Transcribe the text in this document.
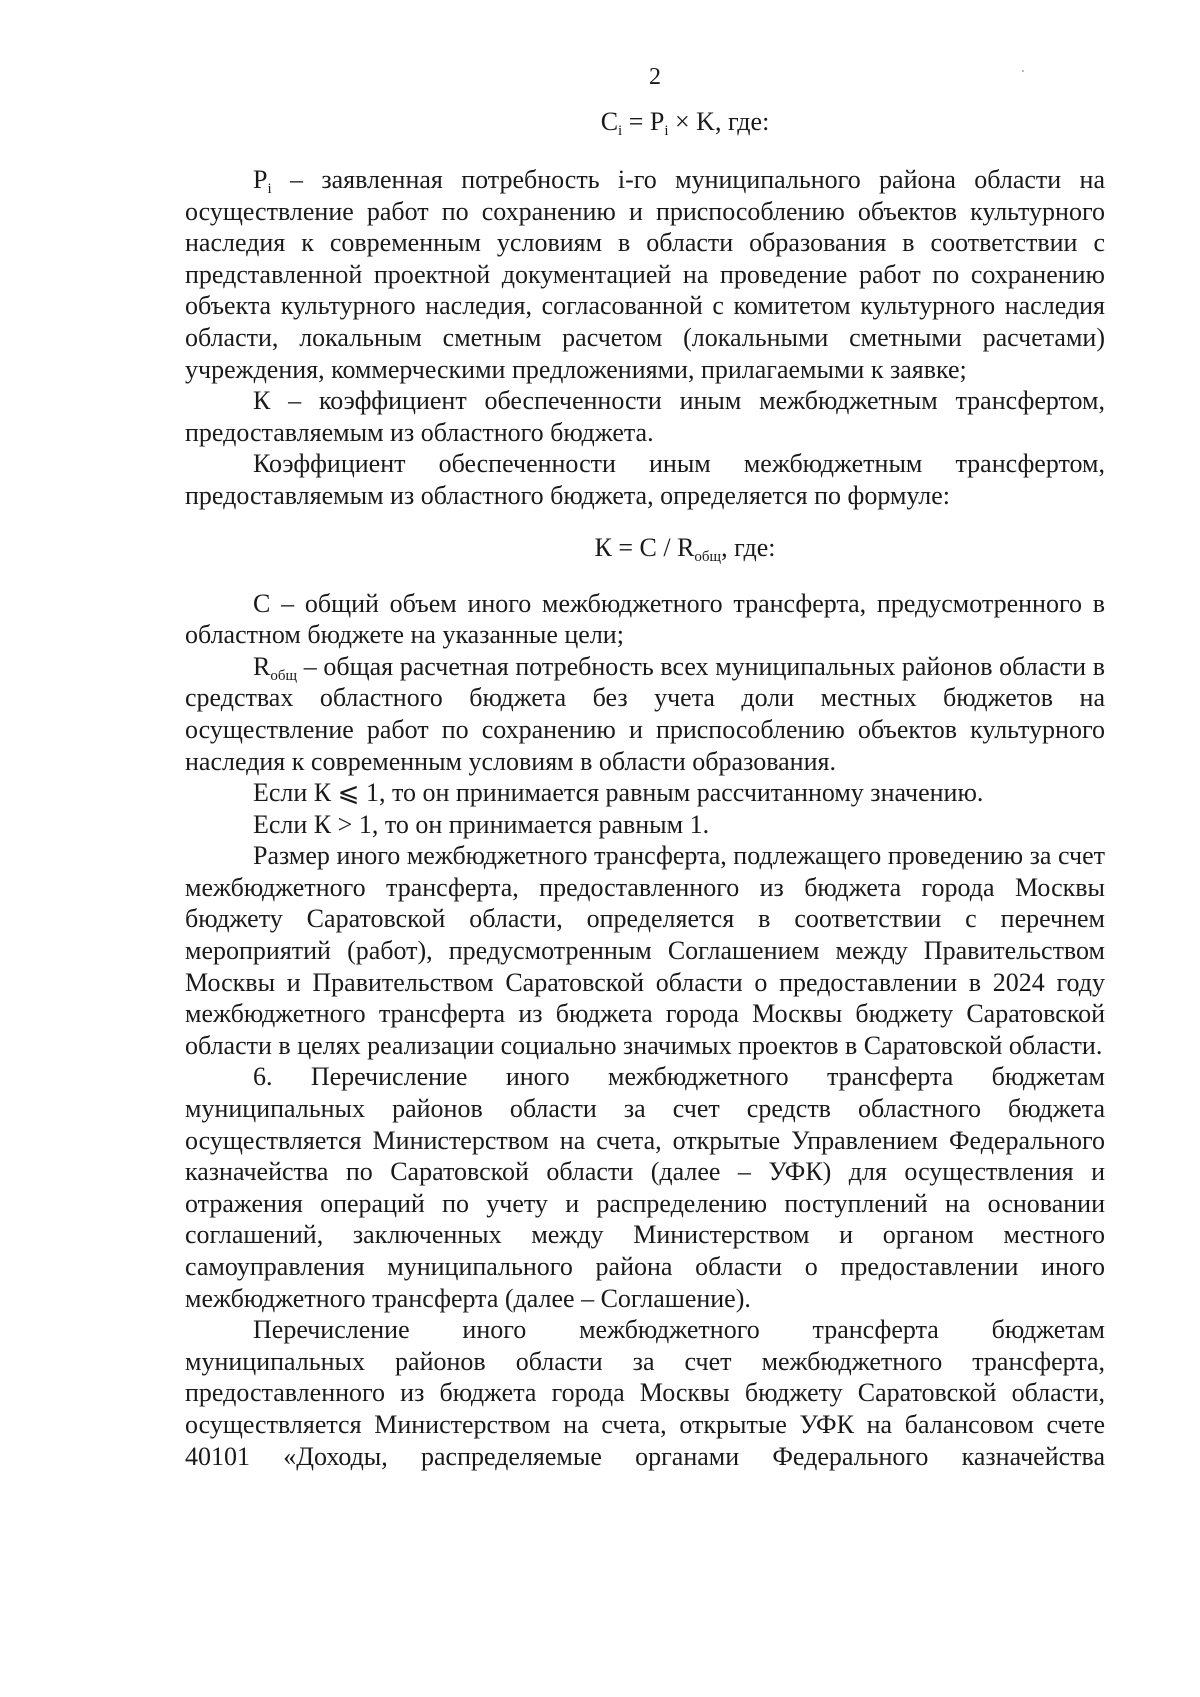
2
$C_i = P_i \times K$, где:

$P_i$ – заявленная потребность i-го муниципального района области на осуществление работ по сохранению и приспособлению объектов культурного наследия к современным условиям в области образования в соответствии с представленной проектной документацией на проведение работ по сохранению объекта культурного наследия, согласованной с комитетом культурного наследия области, локальным сметным расчетом (локальными сметными расчетами) учреждения, коммерческими предложениями, прилагаемыми к заявке;

К – коэффициент обеспеченности иным межбюджетным трансфертом, предоставляемым из областного бюджета.

Коэффициент обеспеченности иным межбюджетным трансфертом, предоставляемым из областного бюджета, определяется по формуле:

$К = С / R_{общ}$, где:

С – общий объем иного межбюджетного трансферта, предусмотренного в областном бюджете на указанные цели;

$R_{общ}$ – общая расчетная потребность всех муниципальных районов области в средствах областного бюджета без учета доли местных бюджетов на осуществление работ по сохранению и приспособлению объектов культурного наследия к современным условиям в области образования.

Если К ⩽ 1, то он принимается равным рассчитанному значению.

Если К > 1, то он принимается равным 1.

Размер иного межбюджетного трансферта, подлежащего проведению за счет межбюджетного трансферта, предоставленного из бюджета города Москвы бюджету Саратовской области, определяется в соответствии с перечнем мероприятий (работ), предусмотренным Соглашением между Правительством Москвы и Правительством Саратовской области о предоставлении в 2024 году межбюджетного трансферта из бюджета города Москвы бюджету Саратовской области в целях реализации социально значимых проектов в Саратовской области.

6. Перечисление иного межбюджетного трансферта бюджетам муниципальных районов области за счет средств областного бюджета осуществляется Министерством на счета, открытые Управлением Федерального казначейства по Саратовской области (далее – УФК) для осуществления и отражения операций по учету и распределению поступлений на основании соглашений, заключенных между Министерством и органом местного самоуправления муниципального района области о предоставлении иного межбюджетного трансферта (далее – Соглашение).

Перечисление иного межбюджетного трансферта бюджетам муниципальных районов области за счет межбюджетного трансферта, предоставленного из бюджета города Москвы бюджету Саратовской области, осуществляется Министерством на счета, открытые УФК на балансовом счете 40101 «Доходы, распределяемые органами Федерального казначейства
